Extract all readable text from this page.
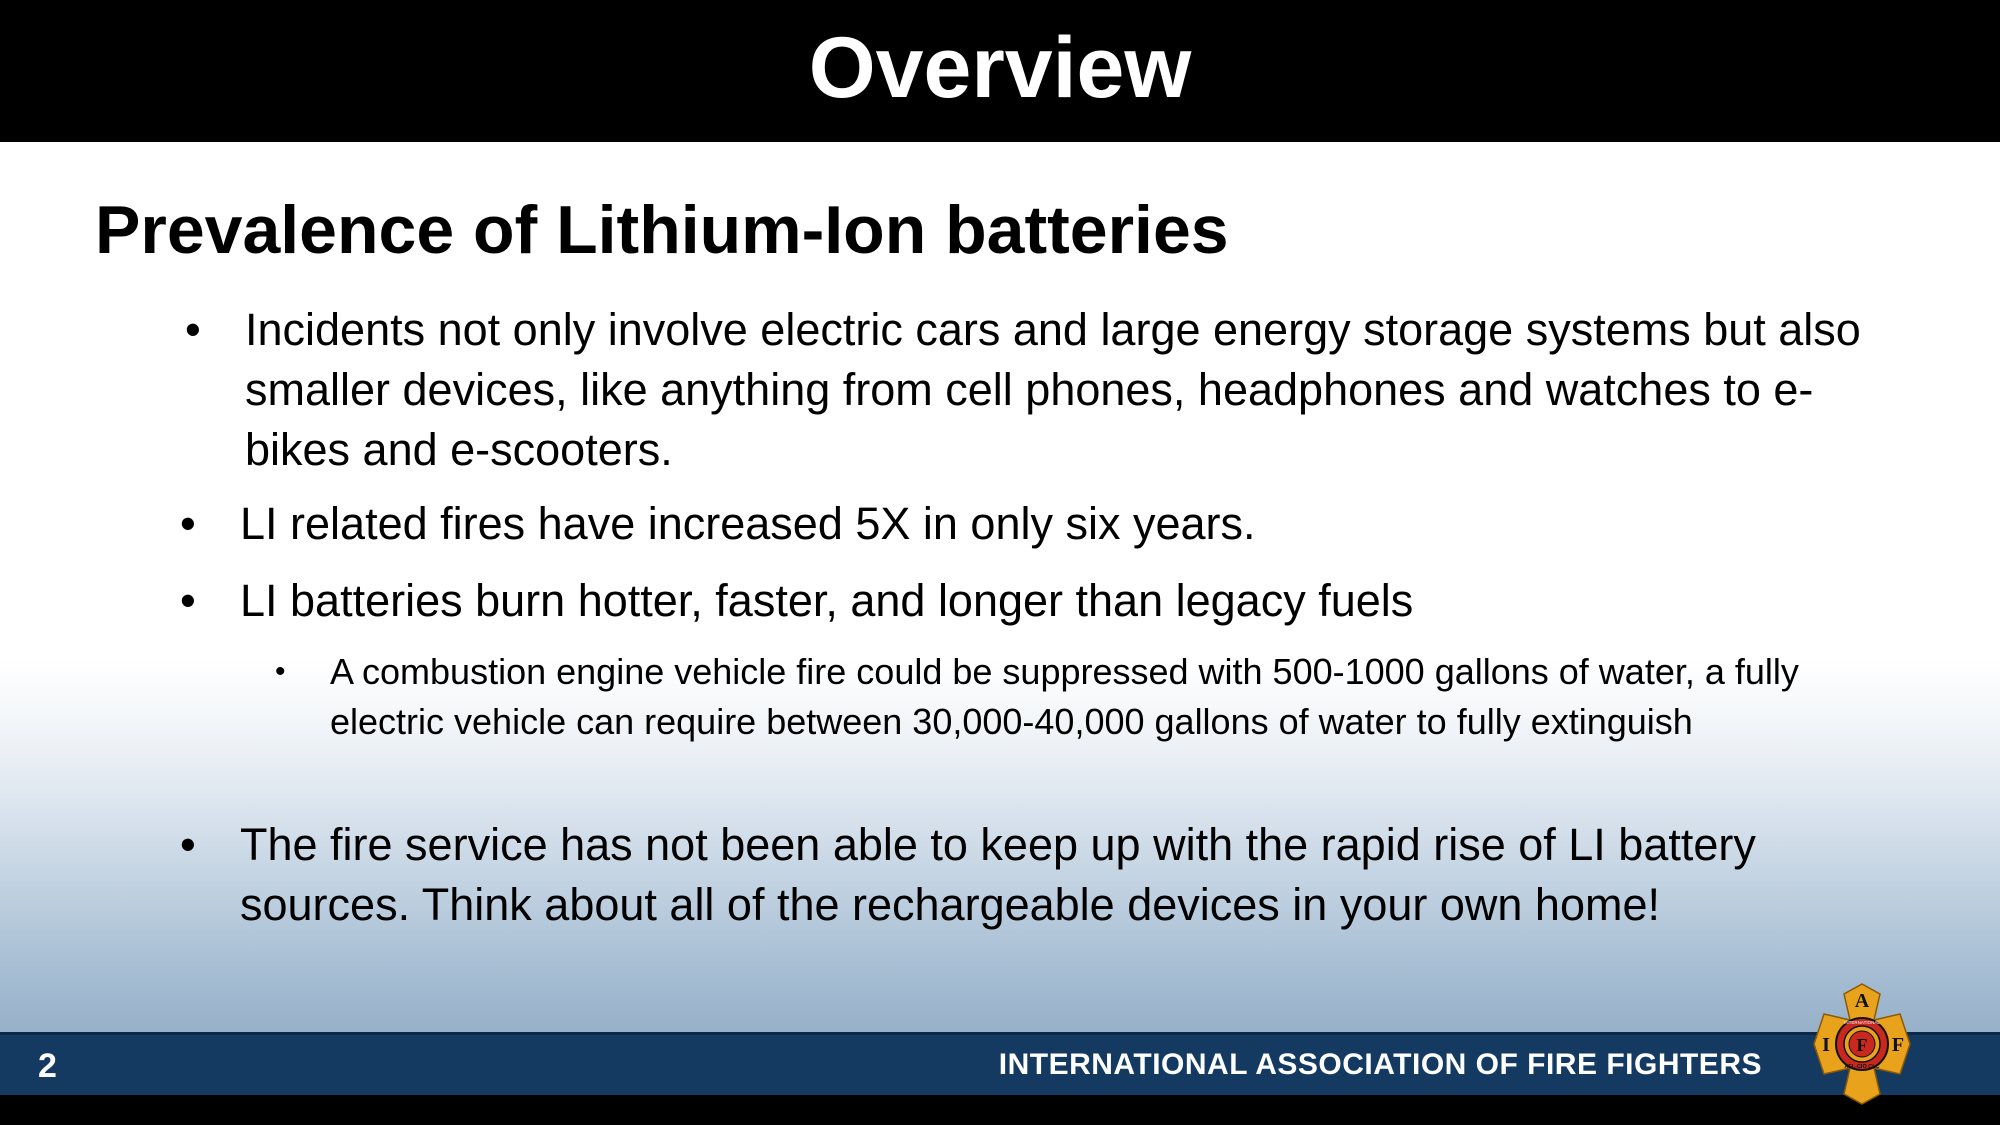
Overview
Prevalence of Lithium-Ion batteries

• Incidents not only involve electric cars and large energy storage systems but also smaller devices, like anything from cell phones, headphones and watches to e-bikes and e-scooters.

• LI related fires have increased 5X in only six years.

• LI batteries burn hotter, faster, and longer than legacy fuels

• A combustion engine vehicle fire could be suppressed with 500-1000 gallons of water, a fully electric vehicle can require between 30,000-40,000 gallons of water to fully extinguish

• The fire service has not been able to keep up with the rapid rise of LI battery sources. Think about all of the rechargeable devices in your own home!

2	INTERNATIONAL ASSOCIATION OF FIRE FIGHTERS
A
I F F
INTERNATIONAL
AFL-CIO CLC
